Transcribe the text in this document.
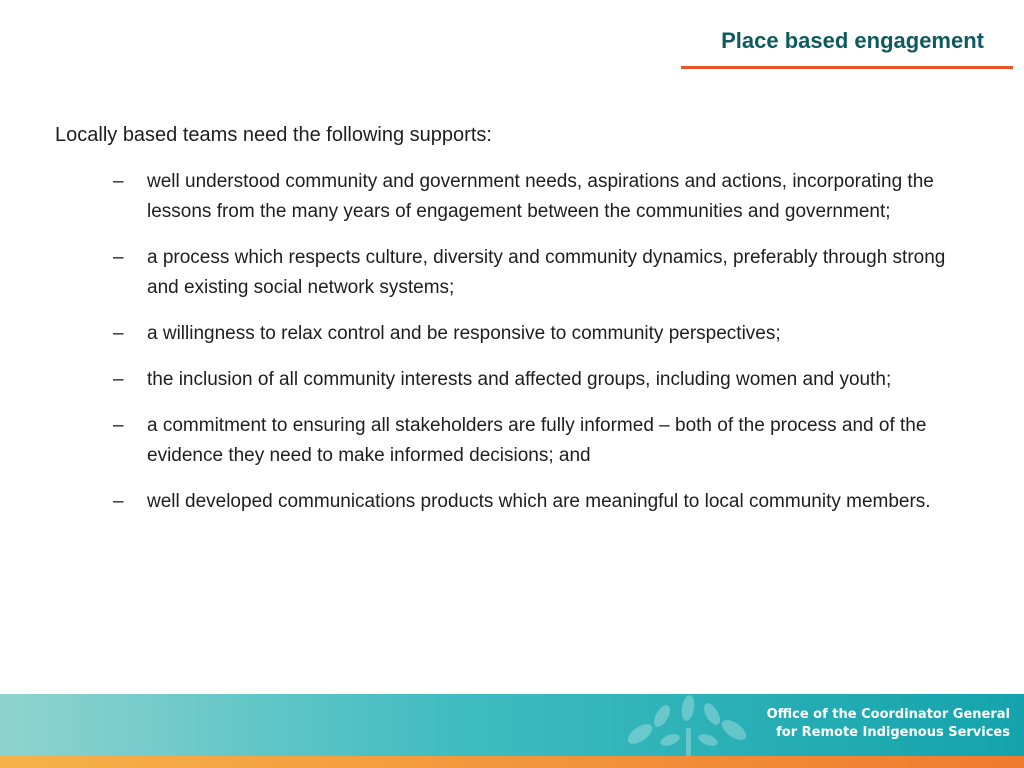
Place based engagement
Locally based teams need the following supports:
– well understood community and government needs, aspirations and actions, incorporating the lessons from the many years of engagement between the communities and government;
– a process which respects culture, diversity and community dynamics, preferably through strong and existing social network systems;
– a willingness to relax control and be responsive to community perspectives;
– the inclusion of all community interests and affected groups, including women and youth;
– a commitment to ensuring all stakeholders are fully informed – both of the process and of the evidence they need to make informed decisions; and
– well developed communications products which are meaningful to local community members.
Office of the Coordinator General
for Remote Indigenous Services
